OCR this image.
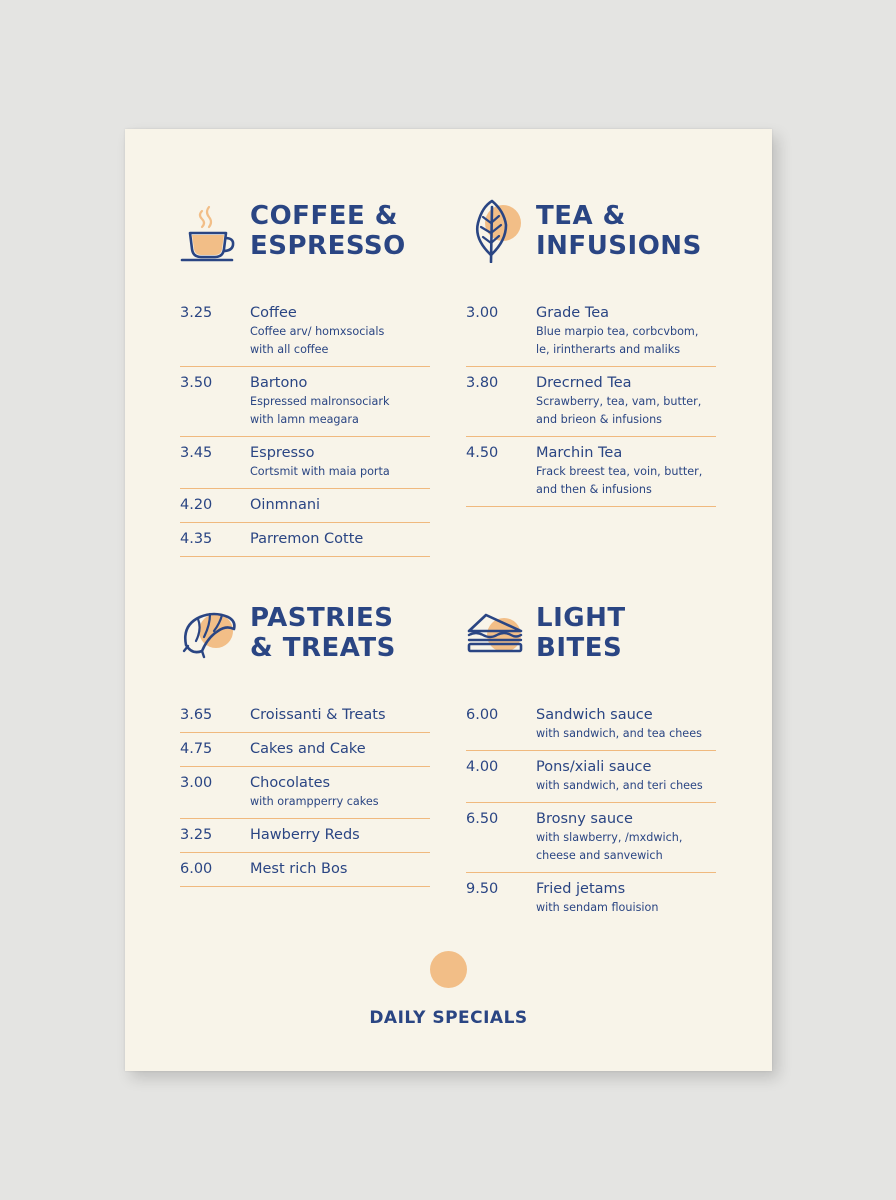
COFFEE &
ESPRESSO
3.25	Coffee
Coffee arv/ homxsocials
with all coffee
3.50	Bartono
Espressed malronsociark
with lamn meagara
3.45	Espresso
Cortsmit with maia porta
4.20	Oinmnani
4.35	Parremon Cotte
TEA &
INFUSIONS
3.00	Grade Tea
Blue marpio tea, corbcvbom,
le, irintherarts and maliks
3.80	Drecrned Tea
Scrawberry, tea, vam, butter,
and brieon & infusions
4.50	Marchin Tea
Frack breest tea, voin, butter,
and then & infusions
PASTRIES
& TREATS
3.65	Croissanti & Treats
4.75	Cakes and Cake
3.00	Chocolates
with orampperry cakes
3.25	Hawberry Reds
6.00	Mest rich Bos
LIGHT
BITES
6.00	Sandwich sauce
with sandwich, and tea chees
4.00	Pons/xiali sauce
with sandwich, and teri chees
6.50	Brosny sauce
with slawberry, /mxdwich,
cheese and sanvewich
9.50	Fried jetams
with sendam flouision
DAILY SPECIALS
